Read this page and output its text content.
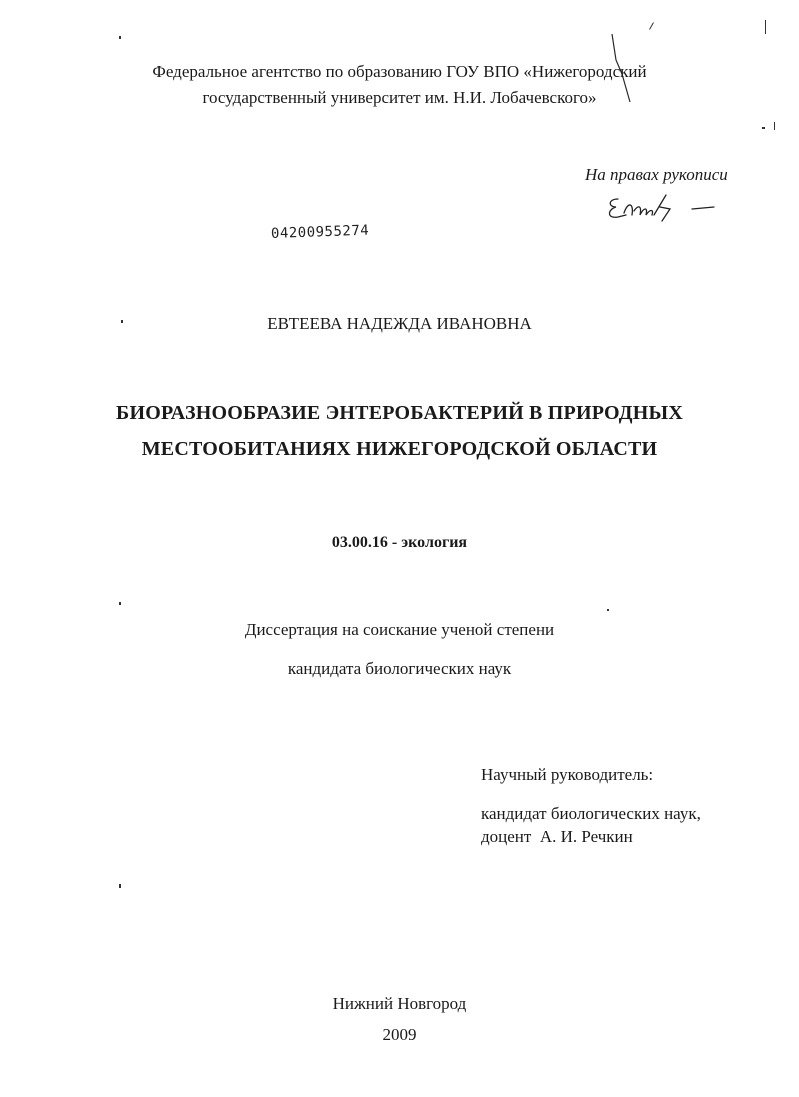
Федеральное агентство по образованию ГОУ ВПО «Нижегородский
государственный университет им. Н.И. Лобачевского»
На правах рукописи
04200955274
ЕВТЕЕВА НАДЕЖДА ИВАНОВНА
БИОРАЗНООБРАЗИЕ ЭНТЕРОБАКТЕРИЙ В ПРИРОДНЫХ
МЕСТООБИТАНИЯХ НИЖЕГОРОДСКОЙ ОБЛАСТИ
03.00.16 - экология
Диссертация на соискание ученой степени
кандидата биологических наук
Научный руководитель:
кандидат биологических наук,
доцент  А. И. Речкин
Нижний Новгород
2009
